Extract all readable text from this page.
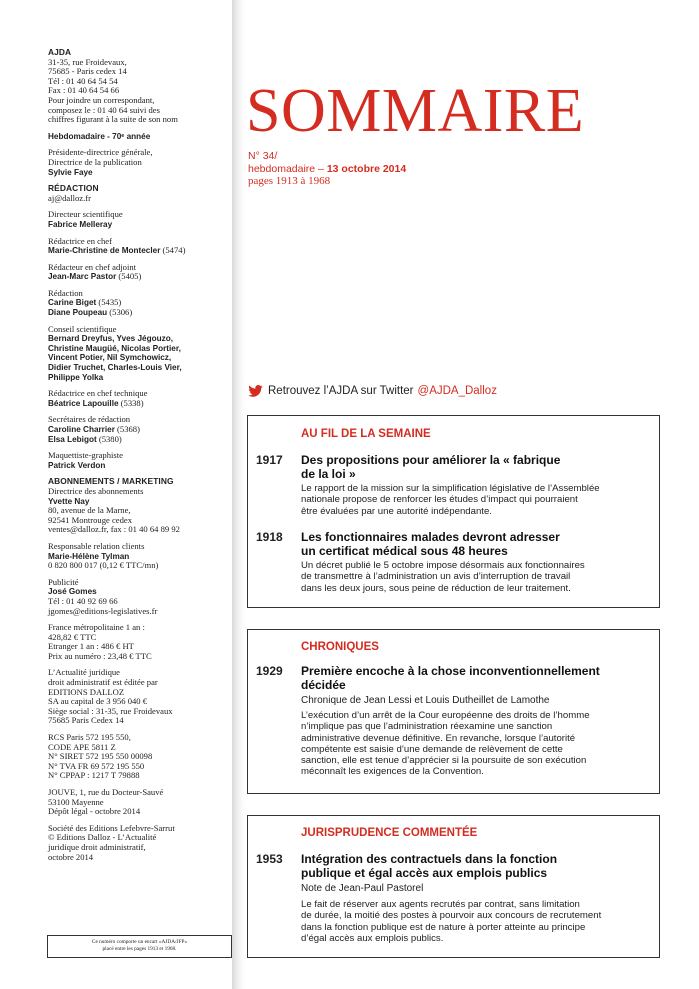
AJDA
31-35, rue Froidevaux,
75685 - Paris cedex 14
Tél : 01 40 64 54 54
Fax : 01 40 64 54 66
Pour joindre un correspondant,
composez le : 01 40 64 suivi des
chiffres figurant à la suite de son nom
Hebdomadaire - 70ᵉ année
Présidente-directrice générale,
Directrice de la publication
Sylvie Faye
RÉDACTION
aj@dalloz.fr
Directeur scientifique
Fabrice Melleray
Rédactrice en chef
Marie-Christine de Montecler (5474)
Rédacteur en chef adjoint
Jean-Marc Pastor (5405)
Rédaction
Carine Biget (5435)
Diane Poupeau (5306)
Conseil scientifique
Bernard Dreyfus, Yves Jégouzo,
Christine Maugüé, Nicolas Portier,
Vincent Potier, Nil Symchowicz,
Didier Truchet, Charles-Louis Vier,
Philippe Yolka
Rédactrice en chef technique
Béatrice Lapouille (5338)
Secrétaires de rédaction
Caroline Charrier (5368)
Elsa Lebigot (5380)
Maquettiste-graphiste
Patrick Verdon
ABONNEMENTS / MARKETING
Directrice des abonnements
Yvette Nay
80, avenue de la Marne,
92541 Montrouge cedex
ventes@dalloz.fr, fax : 01 40 64 89 92
Responsable relation clients
Marie-Hélène Tylman
0 820 800 017 (0,12 € TTC/mn)
Publicité
José Gomes
Tél : 01 40 92 69 66
jgomes@editions-legislatives.fr
France métropolitaine 1 an :
428,82 € TTC
Etranger 1 an : 486 € HT
Prix au numéro : 23,48 € TTC
L’Actualité juridique
droit administratif est éditée par
EDITIONS DALLOZ
SA au capital de 3 956 040 €
Siège social : 31-35, rue Froidevaux
75685 Paris Cedex 14
RCS Paris 572 195 550,
CODE APE 5811 Z
N° SIRET 572 195 550 00098
N° TVA FR 69 572 195 550
N° CPPAP : 1217 T 79888
JOUVE, 1, rue du Docteur-Sauvé
53100 Mayenne
Dépôt légal - octobre 2014
Société des Editions Lefebvre-Sarrut
© Editions Dalloz - L’Actualité
juridique droit administratif,
octobre 2014
Ce numéro comporte un encart «AJDA/JFP»
placé entre les pages 1913 et 1968.
SOMMAIRE
N° 34/
hebdomadaire – 13 octobre 2014
pages 1913 à 1968
Retrouvez l’AJDA sur Twitter @AJDA_Dalloz
AU FIL DE LA SEMAINE
1917 Des propositions pour améliorer la « fabrique
de la loi »
Le rapport de la mission sur la simplification législative de l’Assemblée
nationale propose de renforcer les études d’impact qui pourraient
être évaluées par une autorité indépendante.
1918 Les fonctionnaires malades devront adresser
un certificat médical sous 48 heures
Un décret publié le 5 octobre impose désormais aux fonctionnaires
de transmettre à l’administration un avis d’interruption de travail
dans les deux jours, sous peine de réduction de leur traitement.
CHRONIQUES
1929 Première encoche à la chose inconventionnellement
décidée
Chronique de Jean Lessi et Louis Dutheillet de Lamothe
L’exécution d’un arrêt de la Cour européenne des droits de l’homme
n’implique pas que l’administration réexamine une sanction
administrative devenue définitive. En revanche, lorsque l’autorité
compétente est saisie d’une demande de relèvement de cette
sanction, elle est tenue d’apprécier si la poursuite de son exécution
méconnaît les exigences de la Convention.
JURISPRUDENCE COMMENTÉE
1953 Intégration des contractuels dans la fonction
publique et égal accès aux emplois publics
Note de Jean-Paul Pastorel
Le fait de réserver aux agents recrutés par contrat, sans limitation
de durée, la moitié des postes à pourvoir aux concours de recrutement
dans la fonction publique est de nature à porter atteinte au principe
d’égal accès aux emplois publics.
